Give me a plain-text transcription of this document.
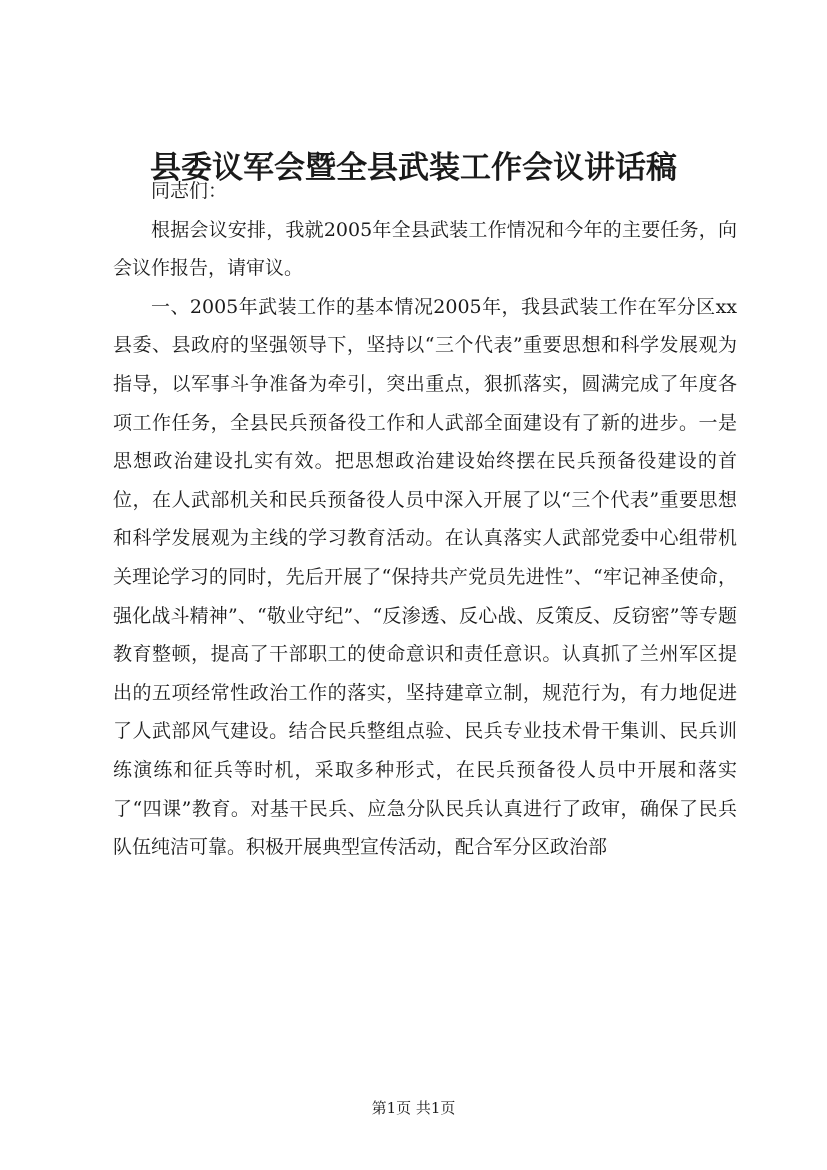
县委议军会暨全县武装工作会议讲话稿

同志们：

根据会议安排，我就2005年全县武装工作情况和今年的主要任务，向会议作报告，请审议。

一、2005年武装工作的基本情况2005年，我县武装工作在军分区xx县委、县政府的坚强领导下，坚持以“三个代表”重要思想和科学发展观为指导，以军事斗争准备为牵引，突出重点，狠抓落实，圆满完成了年度各项工作任务，全县民兵预备役工作和人武部全面建设有了新的进步。一是思想政治建设扎实有效。把思想政治建设始终摆在民兵预备役建设的首位，在人武部机关和民兵预备役人员中深入开展了以“三个代表”重要思想和科学发展观为主线的学习教育活动。在认真落实人武部党委中心组带机关理论学习的同时，先后开展了“保持共产党员先进性”、“牢记神圣使命，强化战斗精神”、“敬业守纪”、“反渗透、反心战、反策反、反窃密”等专题教育整顿，提高了干部职工的使命意识和责任意识。认真抓了兰州军区提出的五项经常性政治工作的落实，坚持建章立制，规范行为，有力地促进了人武部风气建设。结合民兵整组点验、民兵专业技术骨干集训、民兵训练演练和征兵等时机，采取多种形式，在民兵预备役人员中开展和落实了“四课”教育。对基干民兵、应急分队民兵认真进行了政审，确保了民兵队伍纯洁可靠。积极开展典型宣传活动，配合军分区政治部

第1页 共1页
